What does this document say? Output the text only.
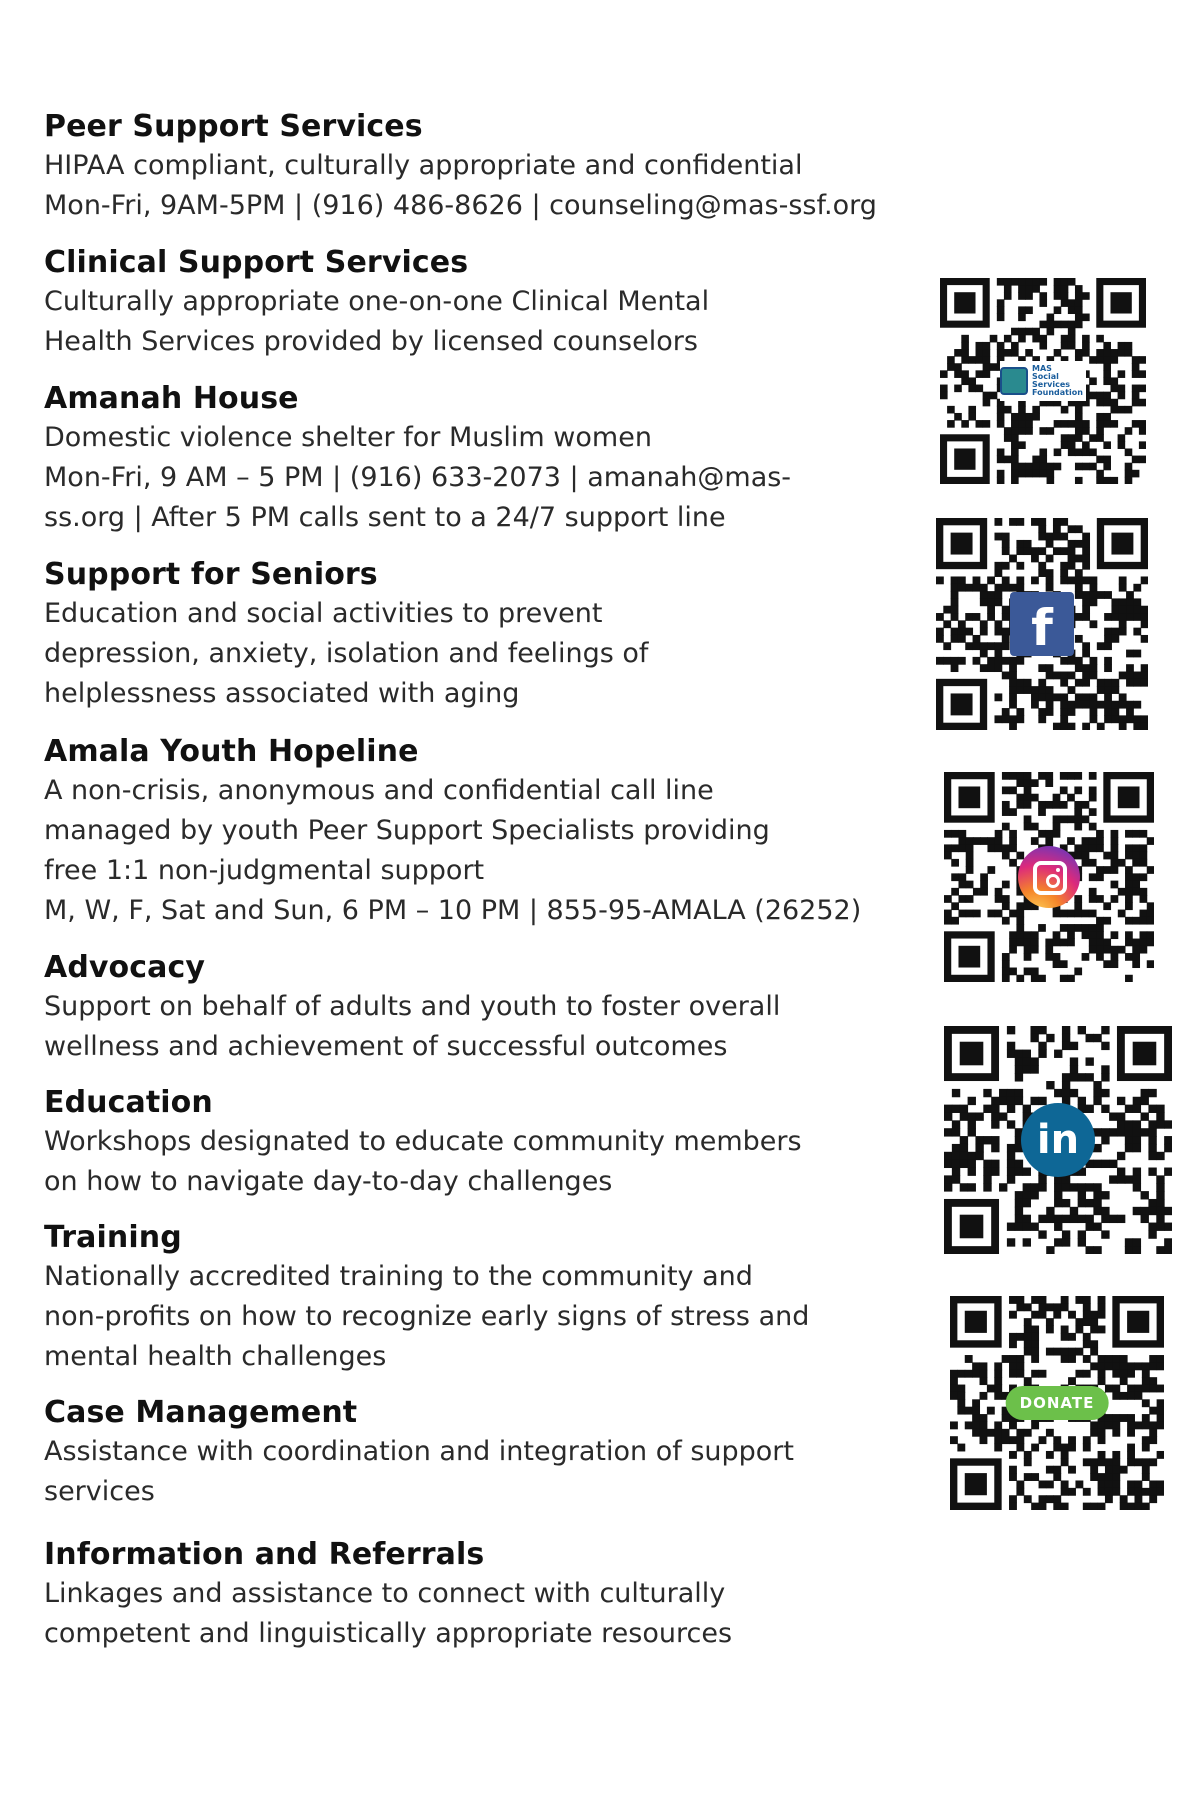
Peer Support Services
HIPAA compliant, culturally appropriate and confidential
Mon-Fri, 9AM-5PM | (916) 486-8626 | counseling@mas-ssf.org
Clinical Support Services
Culturally appropriate one-on-one Clinical Mental
Health Services provided by licensed counselors
Amanah House
Domestic violence shelter for Muslim women
Mon-Fri, 9 AM – 5 PM | (916) 633-2073 | amanah@mas-
ss.org | After 5 PM calls sent to a 24/7 support line
Support for Seniors
Education and social activities to prevent
depression, anxiety, isolation and feelings of
helplessness associated with aging
Amala Youth Hopeline
A non-crisis, anonymous and confidential call line
managed by youth Peer Support Specialists providing
free 1:1 non-judgmental support
M, W, F, Sat and Sun, 6 PM – 10 PM | 855-95-AMALA (26252)
Advocacy
Support on behalf of adults and youth to foster overall
wellness and achievement of successful outcomes
Education
Workshops designated to educate community members
on how to navigate day-to-day challenges
Training
Nationally accredited training to the community and
non-profits on how to recognize early signs of stress and
mental health challenges
Case Management
Assistance with coordination and integration of support
services
Information and Referrals
Linkages and assistance to connect with culturally
competent and linguistically appropriate resources
MAS
Social
Services
Foundation
f
in
DONATE
